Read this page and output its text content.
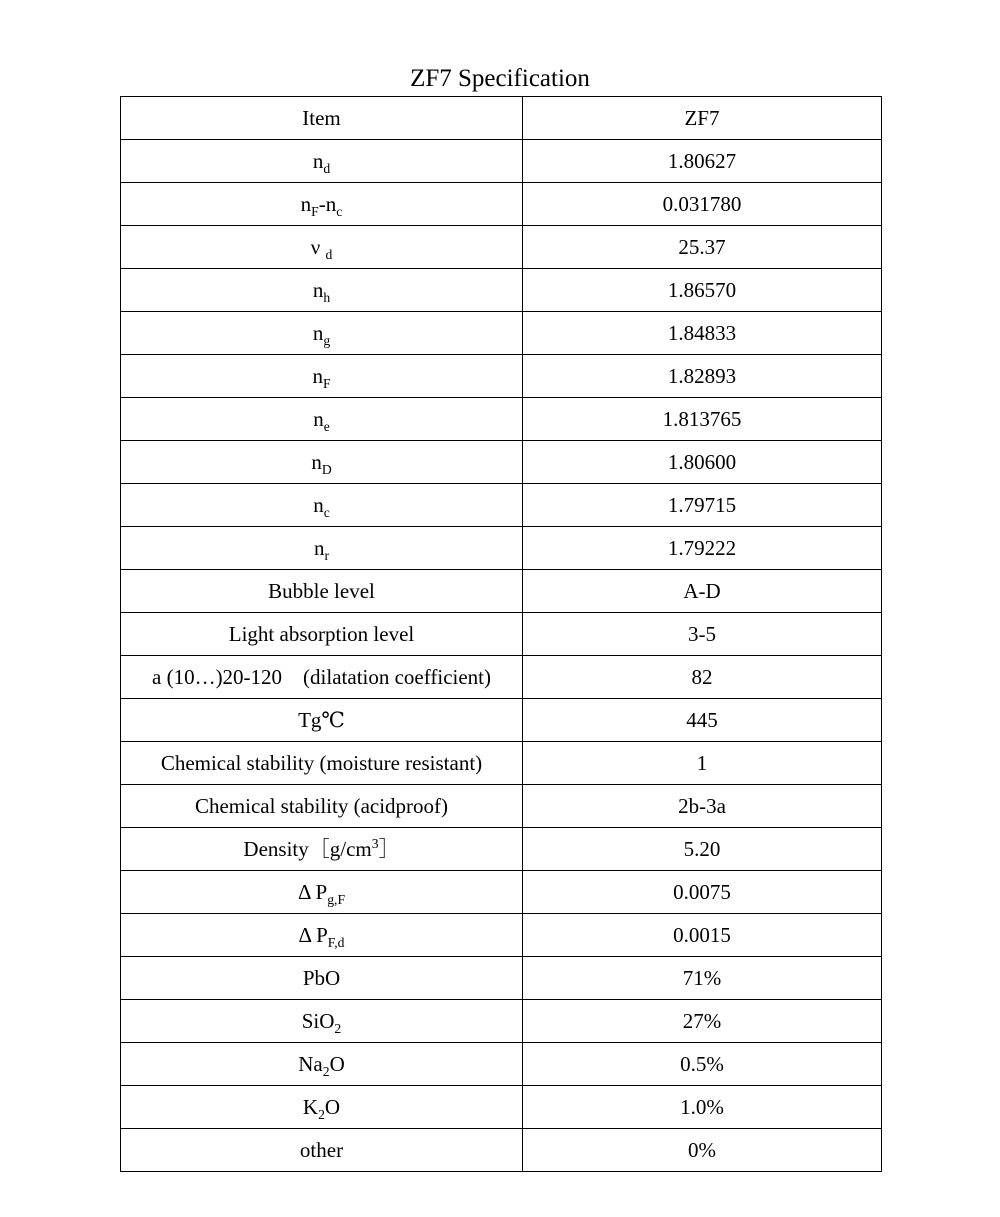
ZF7 Specification
Item	ZF7
$n_d$	1.80627
$n_F-n_c$	0.031780
ν $_d$	25.37
$n_h$	1.86570
$n_g$	1.84833
$n_F$	1.82893
$n_e$	1.813765
$n_D$	1.80600
$n_c$	1.79715
$n_r$	1.79222
Bubble level	A-D
Light absorption level	3-5
a (10…)20-120    (dilatation coefficient)	82
Tg℃	445
Chemical stability (moisture resistant)	1
Chemical stability (acidproof)	2b-3a
$Density[g/cm^3]$	5.20
Δ $P_{g,F}$	0.0075
Δ $P_{F,d}$	0.0015
PbO	71%
SiO$_2$	27%
$Na_2O$	0.5%
$K_2O$	1.0%
other	0%
